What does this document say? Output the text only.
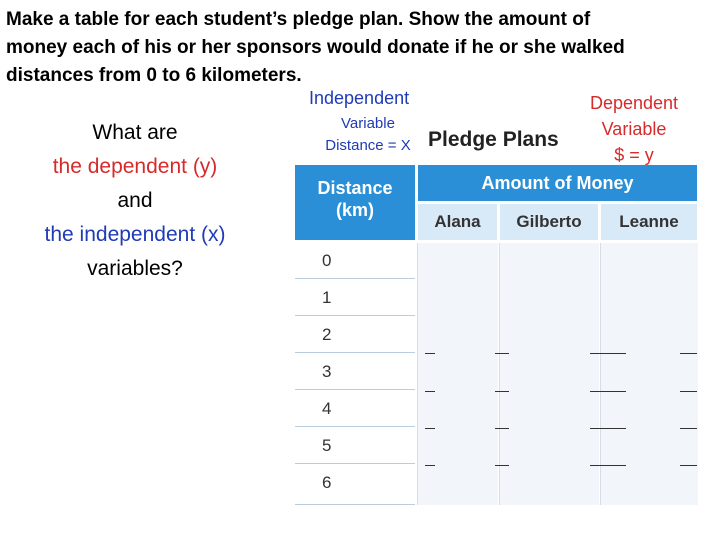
Make a table for each student’s pledge plan. Show the amount of
money each of his or her sponsors would donate if he or she walked
distances from 0 to 6 kilometers.
What are
the dependent (y)
and
the independent (x)
variables?
Independent
Variable
Distance = X
Dependent
Variable
$ = y
Pledge Plans
Distance
(km)
Amount of Money
Alana	Gilberto	Leanne
0
1
2
3
4
5
6
